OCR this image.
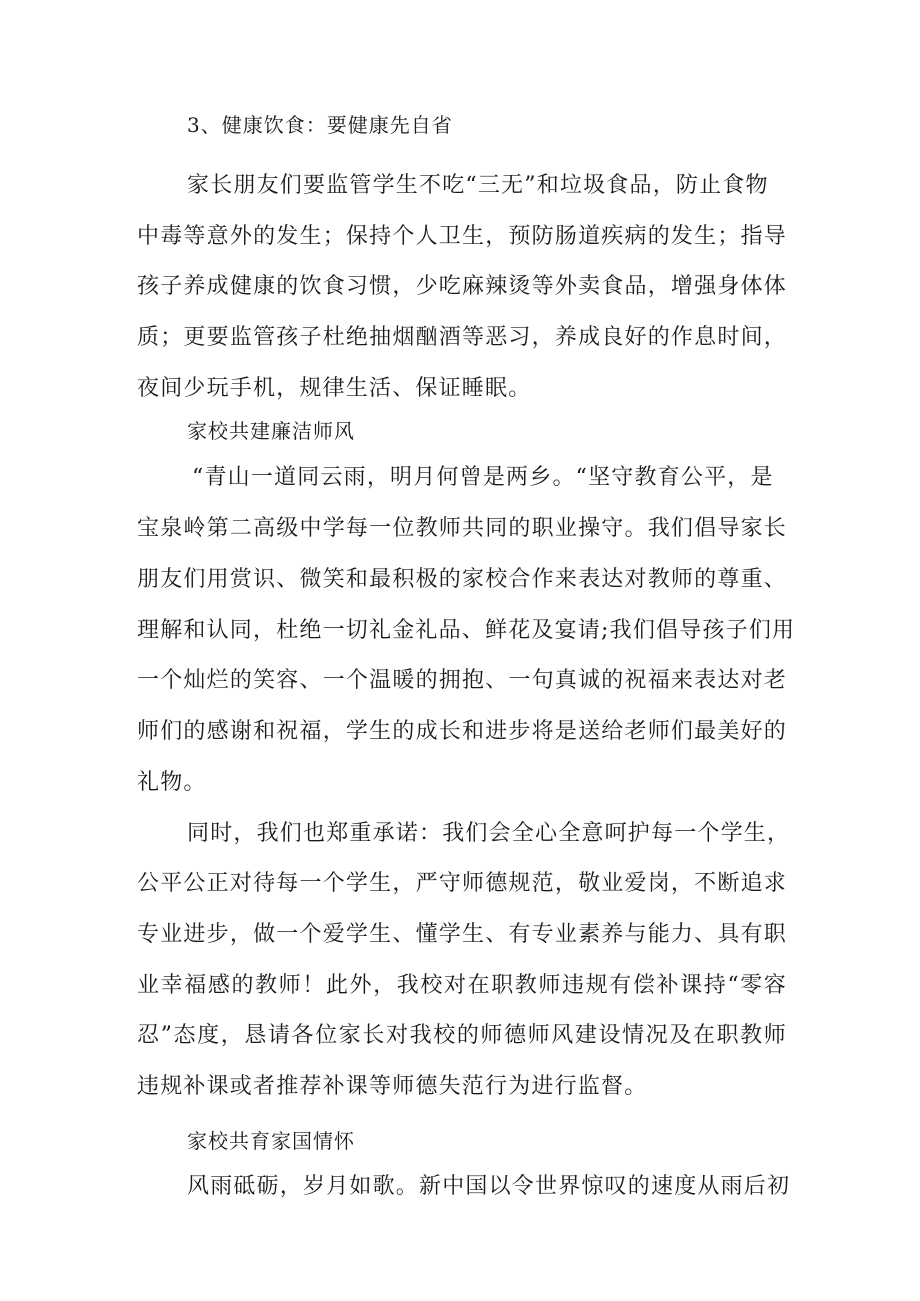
3、健康饮食：要健康先自省
家长朋友们要监管学生不吃“三无”和垃圾食品，防止食物
中毒等意外的发生；保持个人卫生，预防肠道疾病的发生；指导
孩子养成健康的饮食习惯，少吃麻辣烫等外卖食品，增强身体体
质；更要监管孩子杜绝抽烟酗酒等恶习，养成良好的作息时间，
夜间少玩手机，规律生活、保证睡眠。
家校共建廉洁师风
“青山一道同云雨，明月何曾是两乡。“坚守教育公平，是
宝泉岭第二高级中学每一位教师共同的职业操守。我们倡导家长
朋友们用赏识、微笑和最积极的家校合作来表达对教师的尊重、
理解和认同，杜绝一切礼金礼品、鲜花及宴请;我们倡导孩子们用
一个灿烂的笑容、一个温暖的拥抱、一句真诚的祝福来表达对老
师们的感谢和祝福，学生的成长和进步将是送给老师们最美好的
礼物。
同时，我们也郑重承诺：我们会全心全意呵护每一个学生，
公平公正对待每一个学生，严守师德规范，敬业爱岗，不断追求
专业进步，做一个爱学生、懂学生、有专业素养与能力、具有职
业幸福感的教师！此外，我校对在职教师违规有偿补课持“零容
忍”态度，恳请各位家长对我校的师德师风建设情况及在职教师
违规补课或者推荐补课等师德失范行为进行监督。
家校共育家国情怀
风雨砥砺，岁月如歌。新中国以令世界惊叹的速度从雨后初
